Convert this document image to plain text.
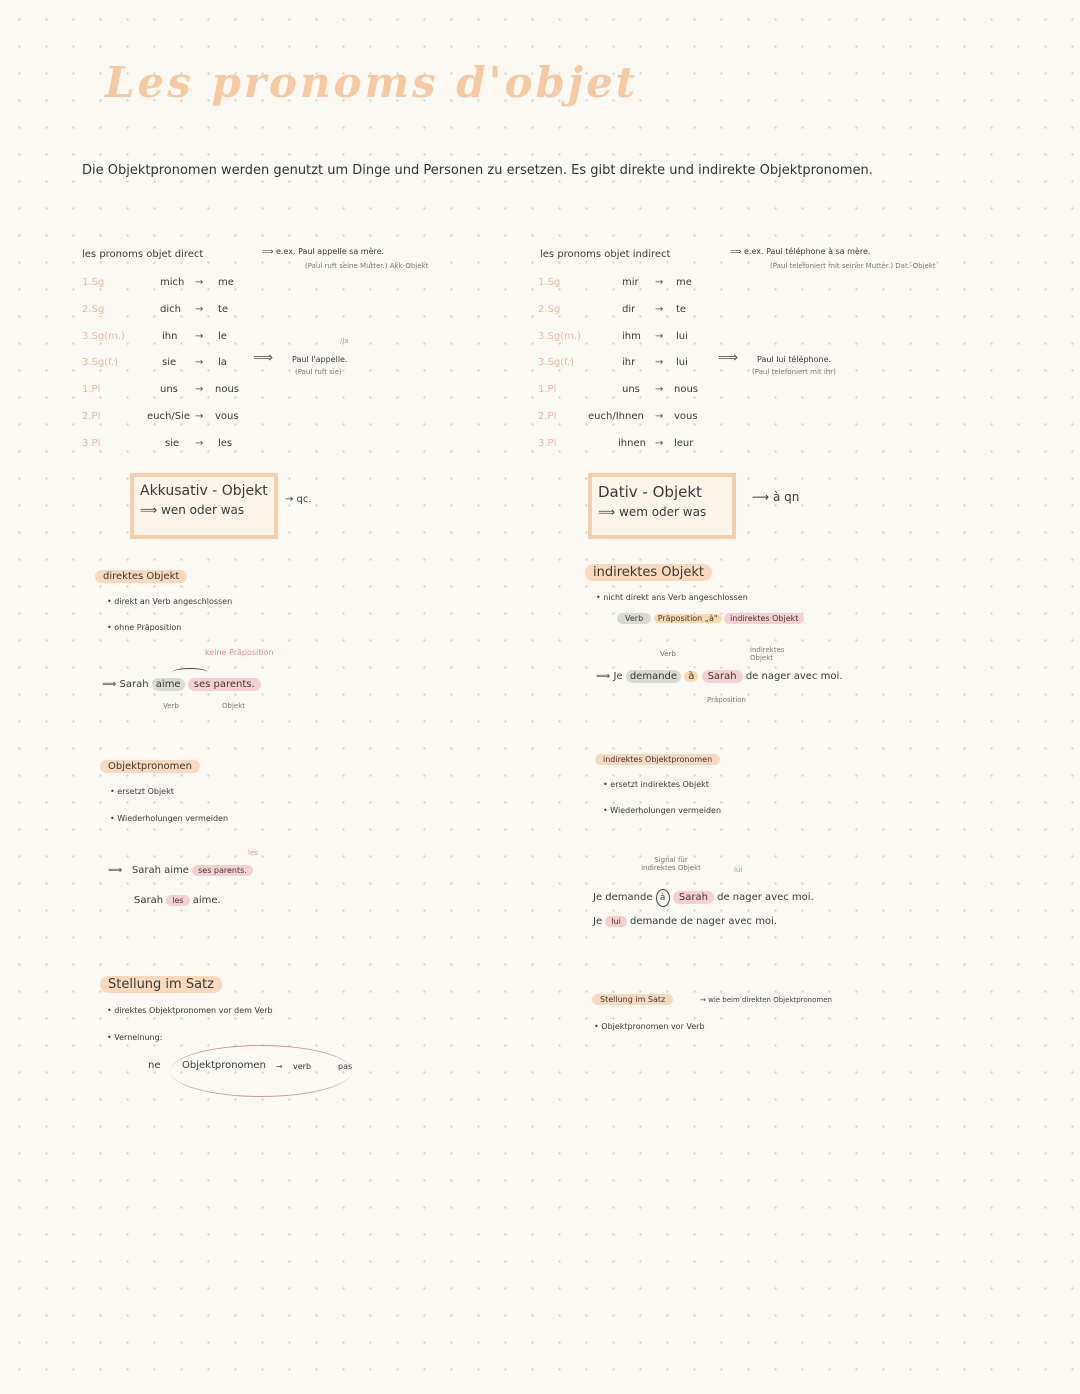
Les pronoms d'objet
Die Objektpronomen werden genutzt um Dinge und Personen zu ersetzen. Es gibt direkte und indirekte Objektpronomen.
les pronoms objet direct	⟹ e.ex. Paul appelle sa mère.
(Paul ruft seine Mutter.) Akk-Objekt
1.Sg	mich → me
2.Sg	dich → te
3.Sg(m.)	ihn → le
3.Sg(f.)	sie → la
1.Pl	uns → nous
2.Pl	euch/Sie → vous
3.Pl	sie → les
⟹ Paul l'appelle.
(Paul ruft sie)
/la
Akkusativ - Objekt
⟹ wen oder was
→ qc.
direktes Objekt
• direkt an Verb angeschlossen
• ohne Präposition
keine Präposition
⟹ Sarah aime ses parents.
Verb	Objekt
Objektpronomen
• ersetzt Objekt
• Wiederholungen vermeiden
les
⟹ Sarah aime ses parents.
Sarah les aime.
Stellung im Satz
• direktes Objektpronomen vor dem Verb
• Verneinung:
ne Objektpronomen → verb	pas
les pronoms objet indirect	⟹ e.ex. Paul téléphone à sa mère.
(Paul telefoniert mit seiner Mutter.) Dat.-Objekt
1.Sg	mir → me
2.Sg	dir → te
3.Sg(m.)	ihm → lui
3.Sg(f.)	ihr → lui
1.Pl	uns → nous
2.Pl	euch/Ihnen → vous
3.Pl	ihnen → leur
⟹ Paul lui téléphone.
(Paul telefoniert mit ihr)
Dativ - Objekt
⟹ wem oder was
⟶ à qn
indirektes Objekt
• nicht direkt ans Verb angeschlossen
Verb Präposition „à" indirektes Objekt
Verb	indirektes Objekt
⟹ Je demande à Sarah de nager avec moi.
Präposition
indirektes Objektpronomen
• ersetzt indirektes Objekt
• Wiederholungen vermeiden
Signal für indirektes Objekt	lui
Je demande à Sarah de nager avec moi.
Je lui demande de nager avec moi.
Stellung im Satz	→ wie beim direkten Objektpronomen
• Objektpronomen vor Verb
